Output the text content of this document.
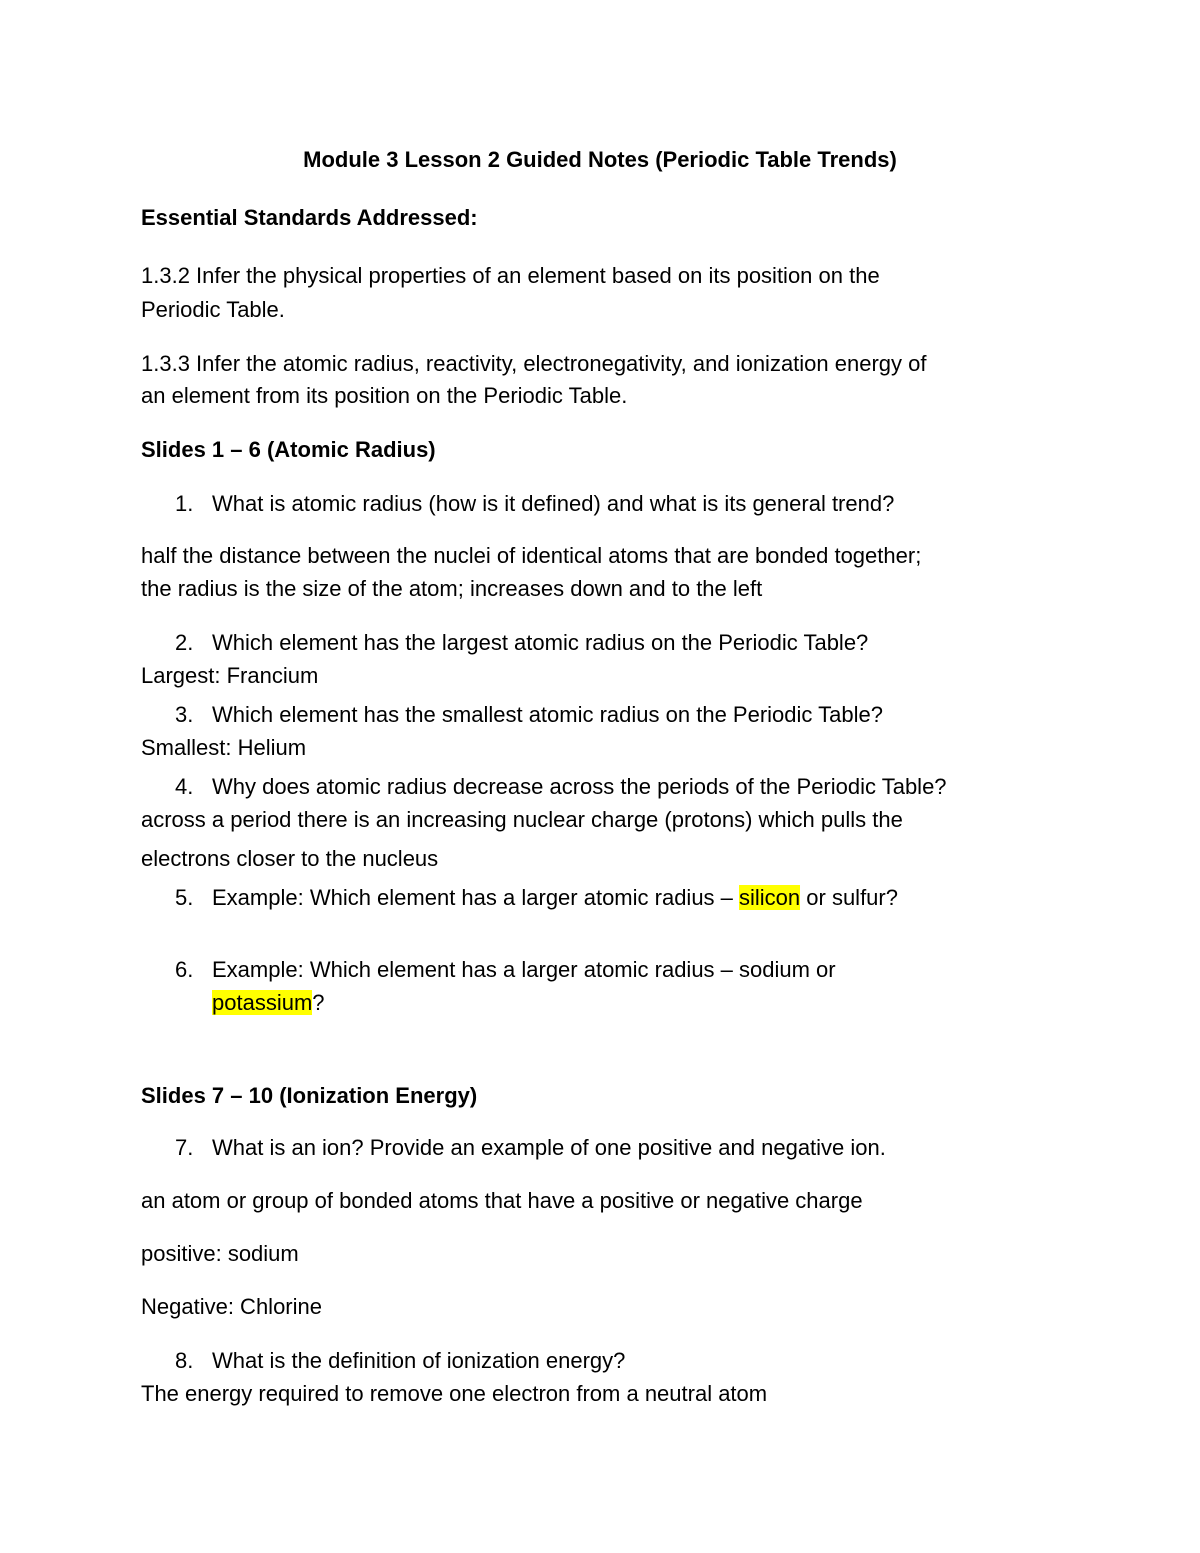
Module 3 Lesson 2 Guided Notes (Periodic Table Trends)
Essential Standards Addressed:
1.3.2 Infer the physical properties of an element based on its position on the
Periodic Table.
1.3.3 Infer the atomic radius, reactivity, electronegativity, and ionization energy of
an element from its position on the Periodic Table.
Slides 1 – 6 (Atomic Radius)
1. What is atomic radius (how is it defined) and what is its general trend?
half the distance between the nuclei of identical atoms that are bonded together;
the radius is the size of the atom; increases down and to the left
2. Which element has the largest atomic radius on the Periodic Table?
Largest: Francium
3. Which element has the smallest atomic radius on the Periodic Table?
Smallest: Helium
4. Why does atomic radius decrease across the periods of the Periodic Table?
across a period there is an increasing nuclear charge (protons) which pulls the
electrons closer to the nucleus
5. Example: Which element has a larger atomic radius – silicon or sulfur?
6. Example: Which element has a larger atomic radius – sodium or
potassium?
Slides 7 – 10 (Ionization Energy)
7. What is an ion? Provide an example of one positive and negative ion.
an atom or group of bonded atoms that have a positive or negative charge
positive: sodium
Negative: Chlorine
8. What is the definition of ionization energy?
The energy required to remove one electron from a neutral atom
